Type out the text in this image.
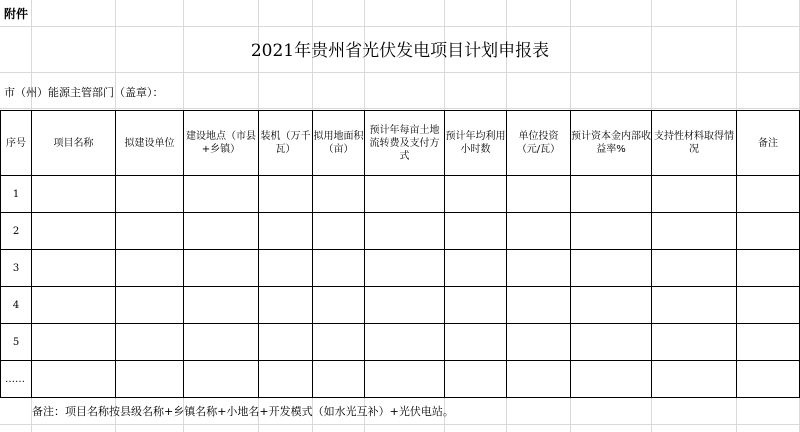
附件
2021年贵州省光伏发电项目计划申报表
市（州）能源主管部门（盖章）：
序号	项目名称	拟建设单位	建设地点（市县+乡镇）	装机（万千瓦）	拟用地面积（亩）	预计年每亩土地流转费及支付方式	预计年均利用小时数	单位投资（元/瓦）	预计资本金内部收益率%	支持性材料取得情况	备注
1											
2											
3											
4											
5											
……											
备注：项目名称按县级名称+乡镇名称+小地名+开发模式（如水光互补）+光伏电站。
